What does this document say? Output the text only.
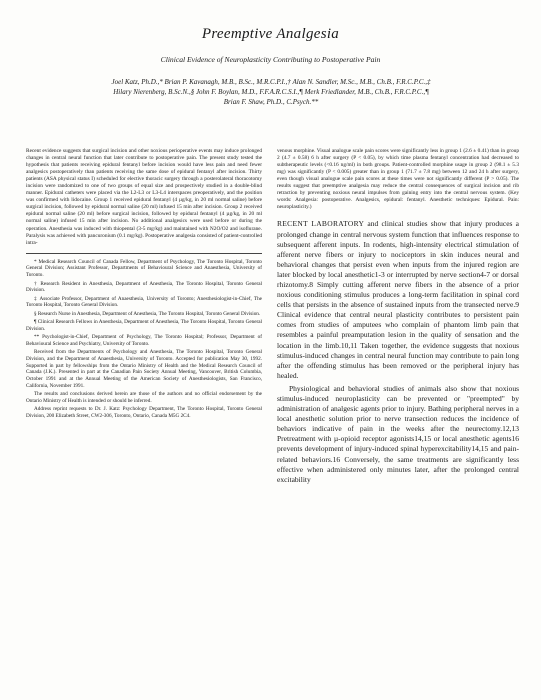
Preemptive Analgesia
Clinical Evidence of Neuroplasticity Contributing to Postoperative Pain
Joel Katz, Ph.D.,* Brian P. Kavanagh, M.B., B.Sc., M.R.C.P.I.,† Alan N. Sandler, M.Sc., M.B., Ch.B., F.R.C.P.C.,‡
Hilary Nierenberg, B.Sc.N.,§ John F. Boylan, M.D., F.F.A.R.C.S.I.,¶ Merk Friedlander, M.B., Ch.B., F.R.C.P.C.,¶
Brian F. Shaw, Ph.D., C.Psych.**

Recent evidence suggests that surgical incision and other noxious perioperative events may induce prolonged changes in central neural function that later contribute to postoperative pain. The present study tested the hypothesis that patients receiving epidural fentanyl before incision would have less pain and need fewer analgesics postoperatively than patients receiving the same dose of epidural fentanyl after incision. Thirty patients (ASA physical status I) scheduled for elective thoracic surgery through a posterolateral thoracotomy incision were randomized to one of two groups of equal size and prospectively studied in a double-blind manner. Epidural catheters were placed via the L2-L3 or L3-L4 interspaces preoperatively, and the position was confirmed with lidocaine. Group 1 received epidural fentanyl (4 µg/kg, in 20 ml normal saline) before surgical incision, followed by epidural normal saline (20 ml) infused 15 min after incision. Group 2 received epidural normal saline (20 ml) before surgical incision, followed by epidural fentanyl (4 µg/kg, in 20 ml normal saline) infused 15 min after incision. No additional analgesics were used before or during the operation. Anesthesia was induced with thiopental (3-5 mg/kg) and maintained with N2O/O2 and isoflurane. Paralysis was achieved with pancuronium (0.1 mg/kg). Postoperative analgesia consisted of patient-controlled intra-

* Medical Research Council of Canada Fellow, Department of Psychology, The Toronto Hospital, Toronto General Division; Assistant Professor, Departments of Behavioural Science and Anaesthesia, University of Toronto.

† Research Resident in Anesthesia, Department of Anesthesia, The Toronto Hospital, Toronto General Division.

‡ Associate Professor, Department of Anaesthesia, University of Toronto; Anesthesiologist-in-Chief, The Toronto Hospital, Toronto General Division.

§ Research Nurse in Anesthesia, Department of Anesthesia, The Toronto Hospital, Toronto General Division.

¶ Clinical Research Fellows in Anesthesia, Department of Anesthesia, The Toronto Hospital, Toronto General Division.

** Psychologist-in-Chief, Department of Psychology, The Toronto Hospital; Professor, Department of Behavioural Science and Psychiatry, University of Toronto.

Received from the Departments of Psychology and Anesthesia, The Toronto Hospital, Toronto General Division, and the Department of Anaesthesia, University of Toronto. Accepted for publication May 30, 1992. Supported in part by fellowships from the Ontario Ministry of Health and the Medical Research Council of Canada (J.K.). Presented in part at the Canadian Pain Society Annual Meeting, Vancouver, British Columbia, October 1991 and at the Annual Meeting of the American Society of Anesthesiologists, San Francisco, California, November 1991.

The results and conclusions derived herein are those of the authors and no official endorsement by the Ontario Ministry of Health is intended or should be inferred.

Address reprint requests to Dr. J. Katz: Psychology Department, The Toronto Hospital, Toronto General Division, 200 Elizabeth Street, CW2-306, Toronto, Ontario, Canada M5G 2C4.

venous morphine. Visual analogue scale pain scores were significantly less in group 1 (2.6 ± 0.41) than in group 2 (4.7 ± 0.58) 6 h after surgery (P < 0.05), by which time plasma fentanyl concentration had decreased to subtherapeutic levels (<0.16 ng/ml) in both groups. Patient-controlled morphine usage in group 2 (98.1 ± 5.3 mg) was significantly (P < 0.005) greater than in group 1 (71.7 ± 7.8 mg) between 12 and 24 h after surgery, even though visual analogue scale pain scores at these times were not significantly different (P > 0.05). The results suggest that preemptive analgesia may reduce the central consequences of surgical incision and rib retraction by preventing noxious neural impulses from gaining entry into the central nervous system. (Key words: Analgesia: postoperative. Analgesics, epidural: fentanyl. Anesthetic techniques: Epidural. Pain: neuroplasticity.)

RECENT LABORATORY and clinical studies show that injury produces a prolonged change in central nervous system function that influences response to subsequent afferent inputs. In rodents, high-intensity electrical stimulation of afferent nerve fibers or injury to nociceptors in skin induces neural and behavioral changes that persist even when inputs from the injured region are later blocked by local anesthetic1-3 or interrupted by nerve section4-7 or dorsal rhizotomy.8 Simply cutting afferent nerve fibers in the absence of a prior noxious conditioning stimulus produces a long-term facilitation in spinal cord cells that persists in the absence of sustained inputs from the transected nerve.9 Clinical evidence that central neural plasticity contributes to persistent pain comes from studies of amputees who complain of phantom limb pain that resembles a painful preamputation lesion in the quality of sensation and the location in the limb.10,11 Taken together, the evidence suggests that noxious stimulus-induced changes in central neural function may contribute to pain long after the offending stimulus has been removed or the peripheral injury has healed.

Physiological and behavioral studies of animals also show that noxious stimulus-induced neuroplasticity can be prevented or "preempted" by administration of analgesic agents prior to injury. Bathing peripheral nerves in a local anesthetic solution prior to nerve transection reduces the incidence of behaviors indicative of pain in the weeks after the neurectomy.12,13 Pretreatment with µ-opioid receptor agonists14,15 or local anesthetic agents16 prevents development of injury-induced spinal hyperexcitability14,15 and pain-related behaviors.16 Conversely, the same treatments are significantly less effective when administered only minutes later, after the prolonged central excitability
